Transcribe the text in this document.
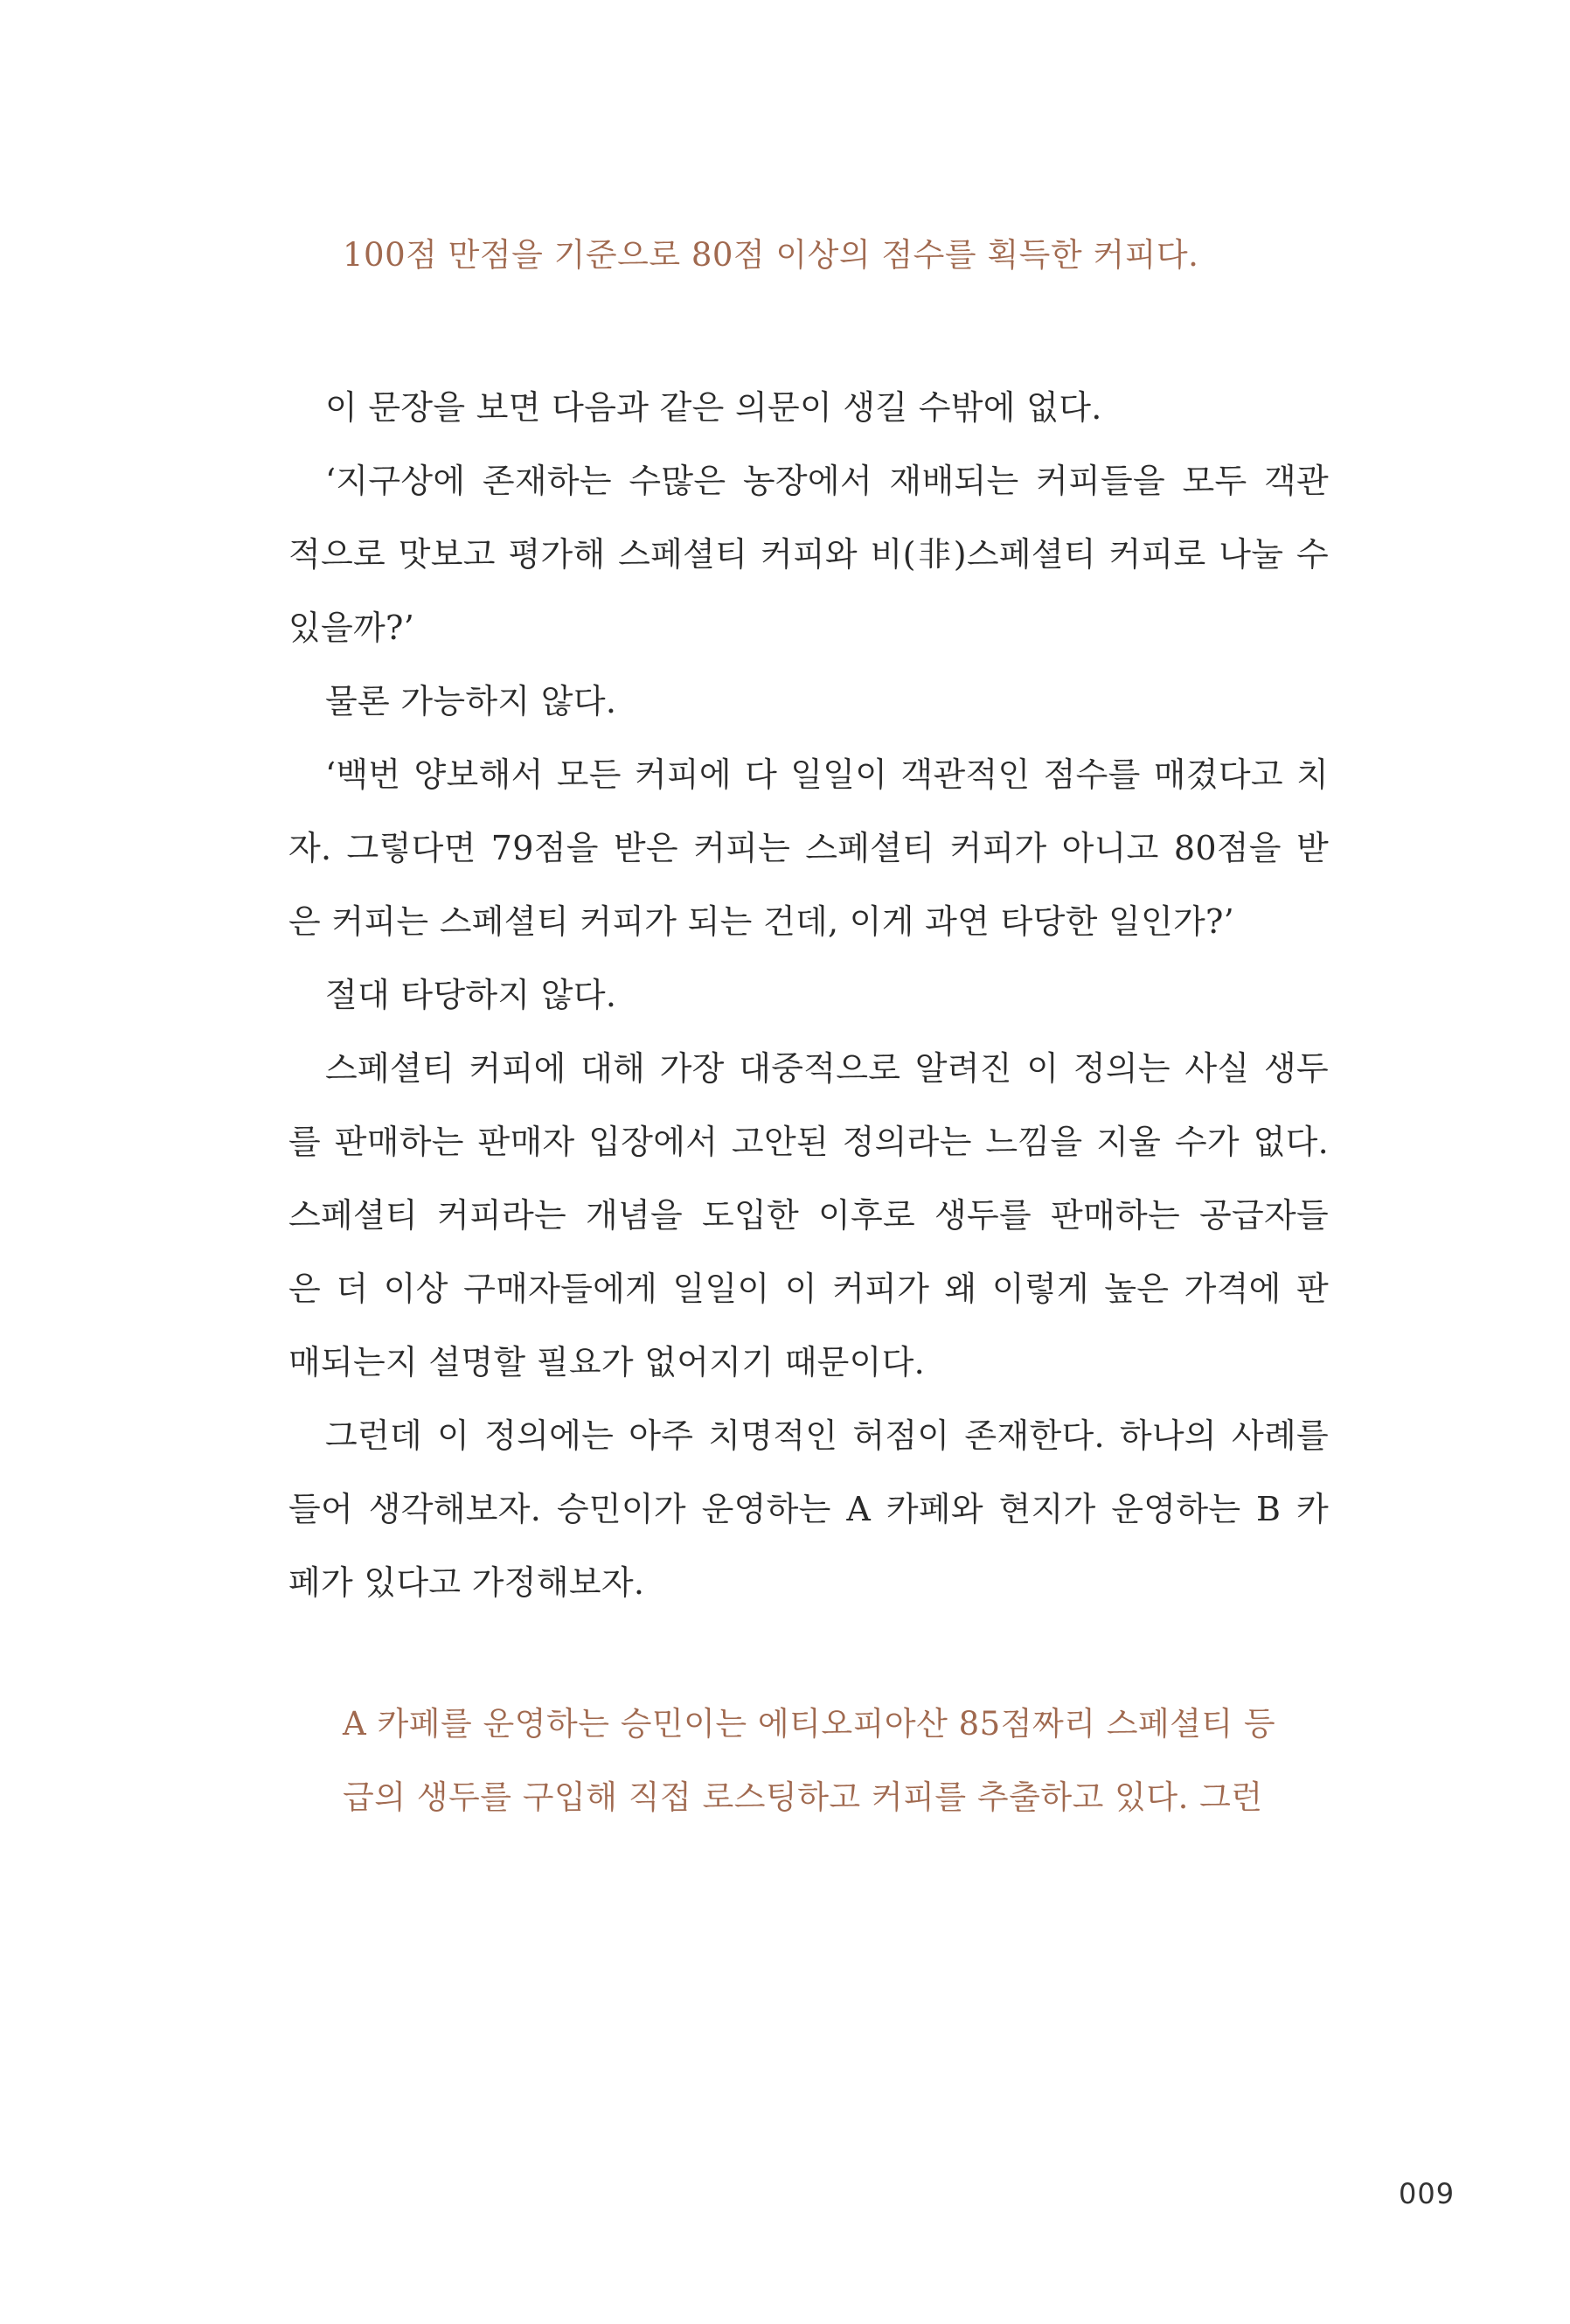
100점 만점을 기준으로 80점 이상의 점수를 획득한 커피다.
이 문장을 보면 다음과 같은 의문이 생길 수밖에 없다.
‘지구상에 존재하는 수많은 농장에서 재배되는 커피들을 모두 객관
적으로 맛보고 평가해 스페셜티 커피와 비(非)스페셜티 커피로 나눌 수
있을까?’
물론 가능하지 않다.
‘백번 양보해서 모든 커피에 다 일일이 객관적인 점수를 매겼다고 치
자. 그렇다면 79점을 받은 커피는 스페셜티 커피가 아니고 80점을 받
은 커피는 스페셜티 커피가 되는 건데, 이게 과연 타당한 일인가?’
절대 타당하지 않다.
스페셜티 커피에 대해 가장 대중적으로 알려진 이 정의는 사실 생두
를 판매하는 판매자 입장에서 고안된 정의라는 느낌을 지울 수가 없다.
스페셜티 커피라는 개념을 도입한 이후로 생두를 판매하는 공급자들
은 더 이상 구매자들에게 일일이 이 커피가 왜 이렇게 높은 가격에 판
매되는지 설명할 필요가 없어지기 때문이다.
그런데 이 정의에는 아주 치명적인 허점이 존재한다. 하나의 사례를
들어 생각해보자. 승민이가 운영하는 A 카페와 현지가 운영하는 B 카
페가 있다고 가정해보자.
A 카페를 운영하는 승민이는 에티오피아산 85점짜리 스페셜티 등
급의 생두를 구입해 직접 로스팅하고 커피를 추출하고 있다. 그런
009
